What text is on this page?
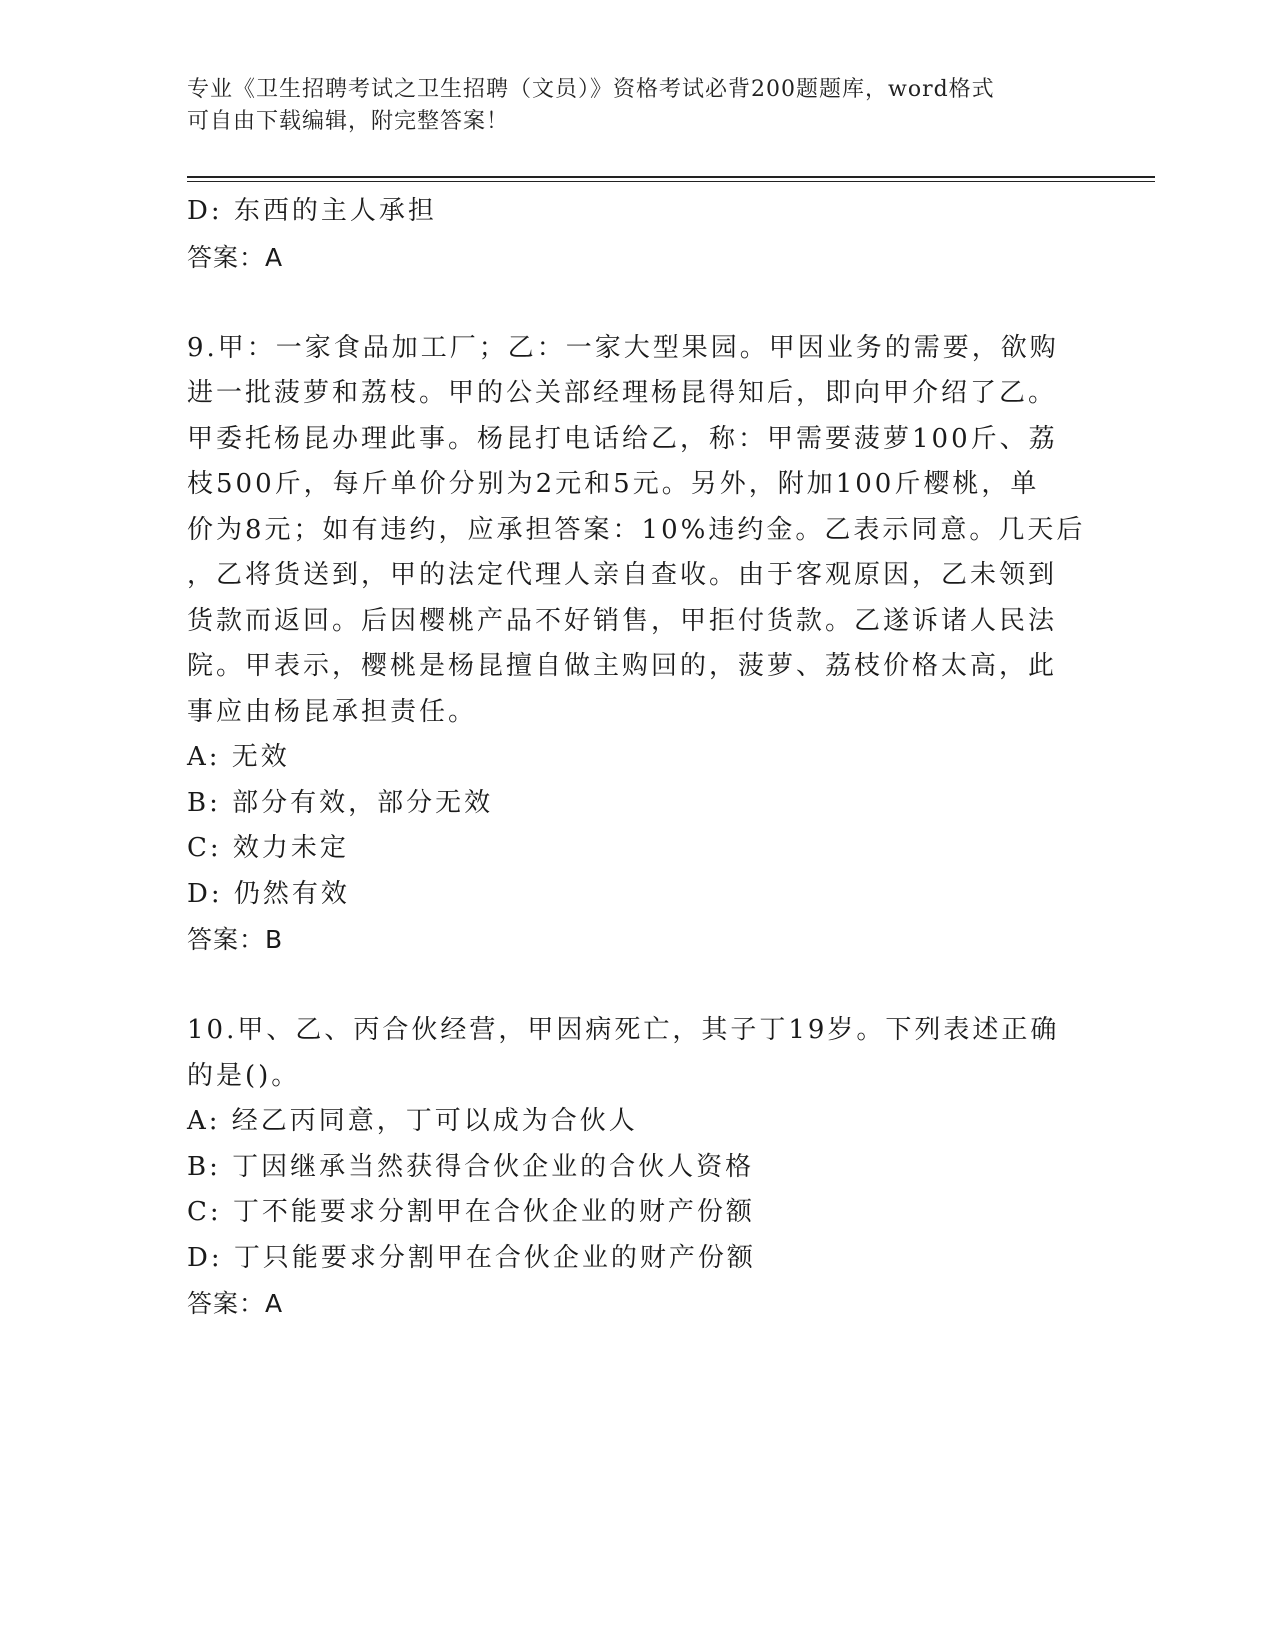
专业《卫生招聘考试之卫生招聘（文员）》资格考试必背200题题库，word格式
可自由下载编辑，附完整答案！
D: 东西的主人承担
答案：A
9.甲：一家食品加工厂；乙：一家大型果园。甲因业务的需要，欲购
进一批菠萝和荔枝。甲的公关部经理杨昆得知后，即向甲介绍了乙。
甲委托杨昆办理此事。杨昆打电话给乙，称：甲需要菠萝100斤、荔
枝500斤，每斤单价分别为2元和5元。另外，附加100斤樱桃，单
价为8元；如有违约，应承担答案：10%违约金。乙表示同意。几天后
，乙将货送到，甲的法定代理人亲自查收。由于客观原因，乙未领到
货款而返回。后因樱桃产品不好销售，甲拒付货款。乙遂诉诸人民法
院。甲表示，樱桃是杨昆擅自做主购回的，菠萝、荔枝价格太高，此
事应由杨昆承担责任。
A: 无效
B: 部分有效，部分无效
C: 效力未定
D: 仍然有效
答案：B
10.甲、乙、丙合伙经营，甲因病死亡，其子丁19岁。下列表述正确
的是()。
A: 经乙丙同意，丁可以成为合伙人
B: 丁因继承当然获得合伙企业的合伙人资格
C: 丁不能要求分割甲在合伙企业的财产份额
D: 丁只能要求分割甲在合伙企业的财产份额
答案：A
